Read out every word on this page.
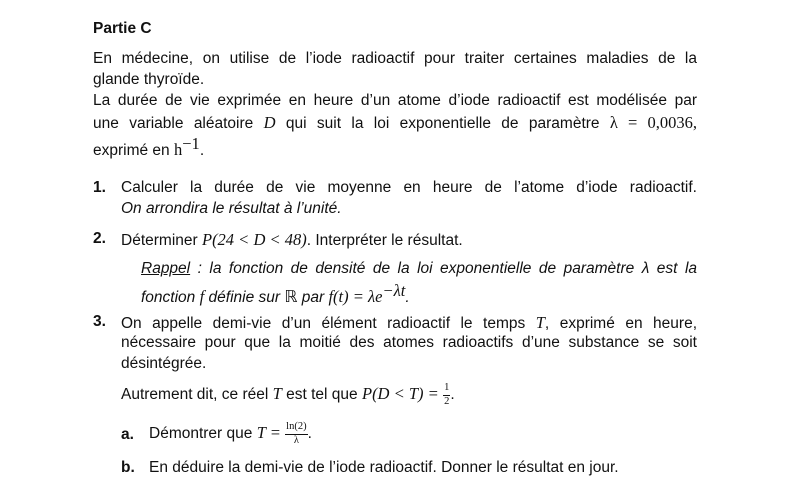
Partie C
En médecine, on utilise de l’iode radioactif pour traiter certaines maladies de la
glande thyroïde.
La durée de vie exprimée en heure d’un atome d’iode radioactif est modélisée par
une variable aléatoire D qui suit la loi exponentielle de paramètre λ = 0,0036,
exprimé en $h^{-1}$.
1. Calculer la durée de vie moyenne en heure de l’atome d’iode radioactif.
On arrondira le résultat à l’unité.
2. Déterminer P(24 < D < 48). Interpréter le résultat.
Rappel : la fonction de densité de la loi exponentielle de paramètre λ est la
fonction f définie sur ℝ par $f(t) = \lambda e^{-\lambda t}$.
3. On appelle demi-vie d’un élément radioactif le temps T, exprimé en heure,
nécessaire pour que la moitié des atomes radioactifs d’une substance se soit
désintégrée.
Autrement dit, ce réel T est tel que $P(D < T) = \frac{1}{2}$ .
a. Démontrer que $T = \frac{\ln(2)}{\lambda}$ .
b. En déduire la demi-vie de l’iode radioactif. Donner le résultat en jour.
